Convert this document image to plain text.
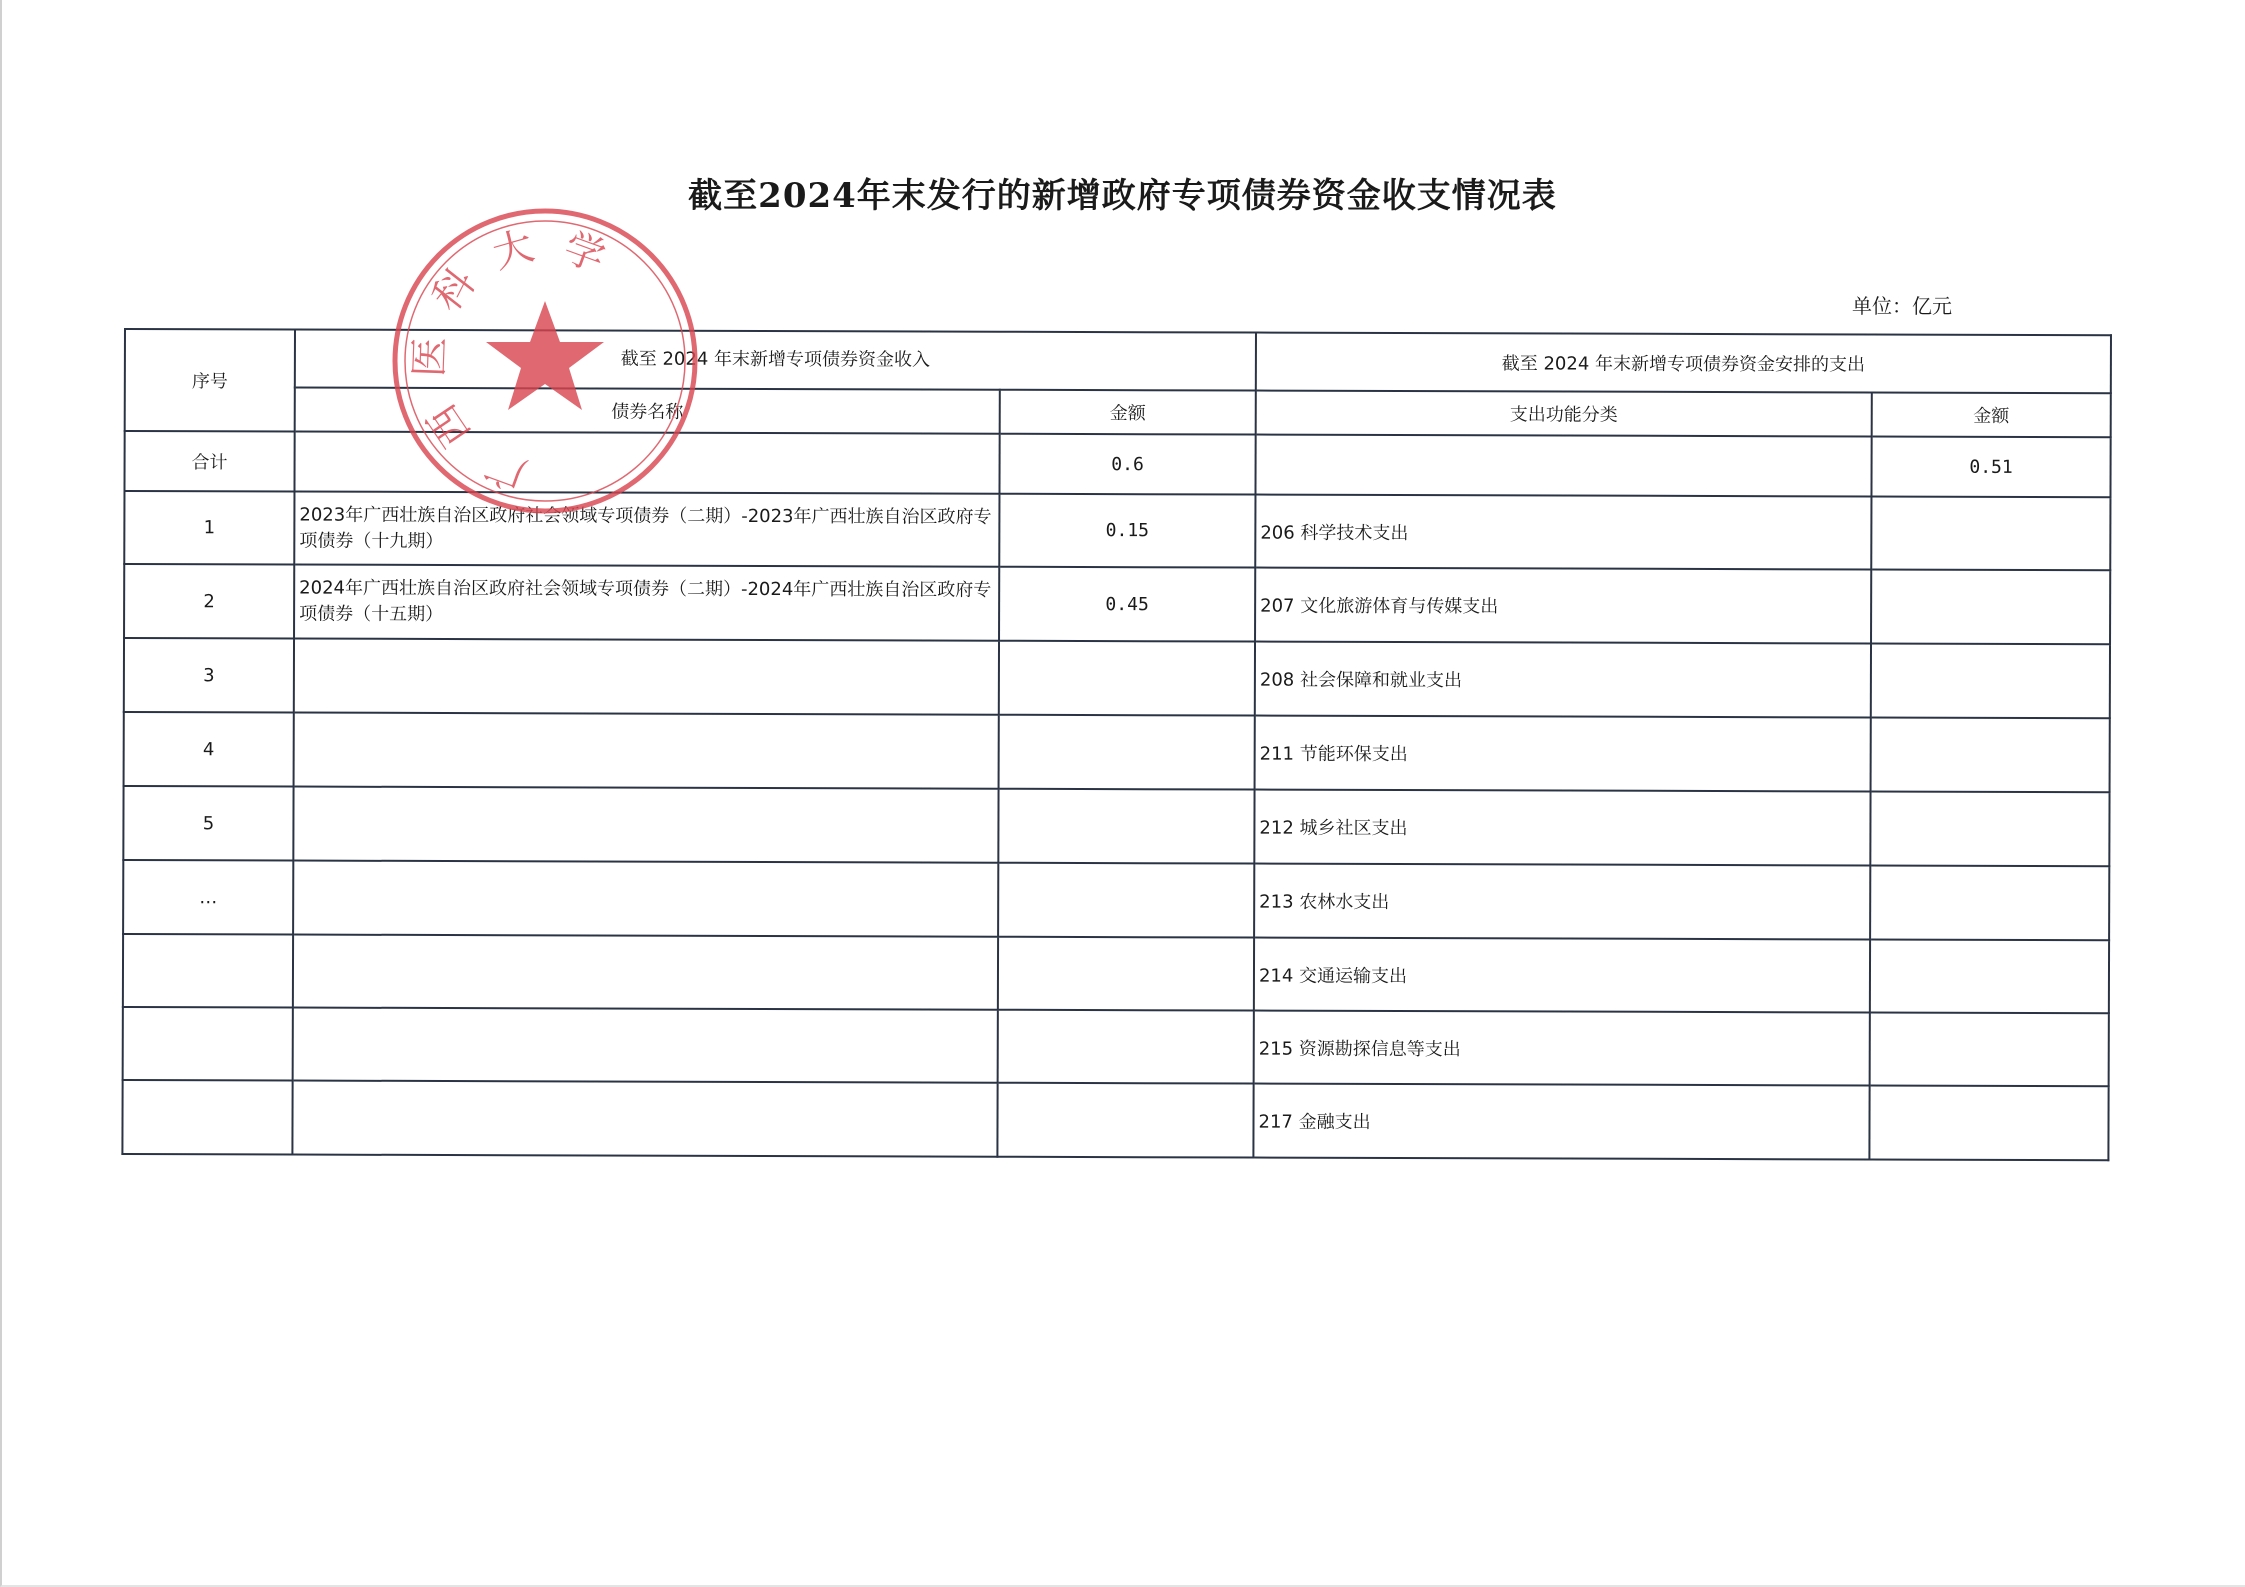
截至2024年末发行的新增政府专项债券资金收支情况表
单位：亿元
序号	截至 2024 年末新增专项债券资金收入		截至 2024 年末新增专项债券资金安排的支出	
	债券名称	金额	支出功能分类	金额
合计		0.6		0.51
1	2023年广西壮族自治区政府社会领域专项债券（二期）-2023年广西壮族自治区政府专项债券（十九期）	0.15	206 科学技术支出	
2	2024年广西壮族自治区政府社会领域专项债券（二期）-2024年广西壮族自治区政府专项债券（十五期）	0.45	207 文化旅游体育与传媒支出	
3			208 社会保障和就业支出	
4			211 节能环保支出	
5			212 城乡社区支出	
…			213 农林水支出	
			214 交通运输支出	
			215 资源勘探信息等支出	
			217 金融支出	
广
西
医
科
大 学
